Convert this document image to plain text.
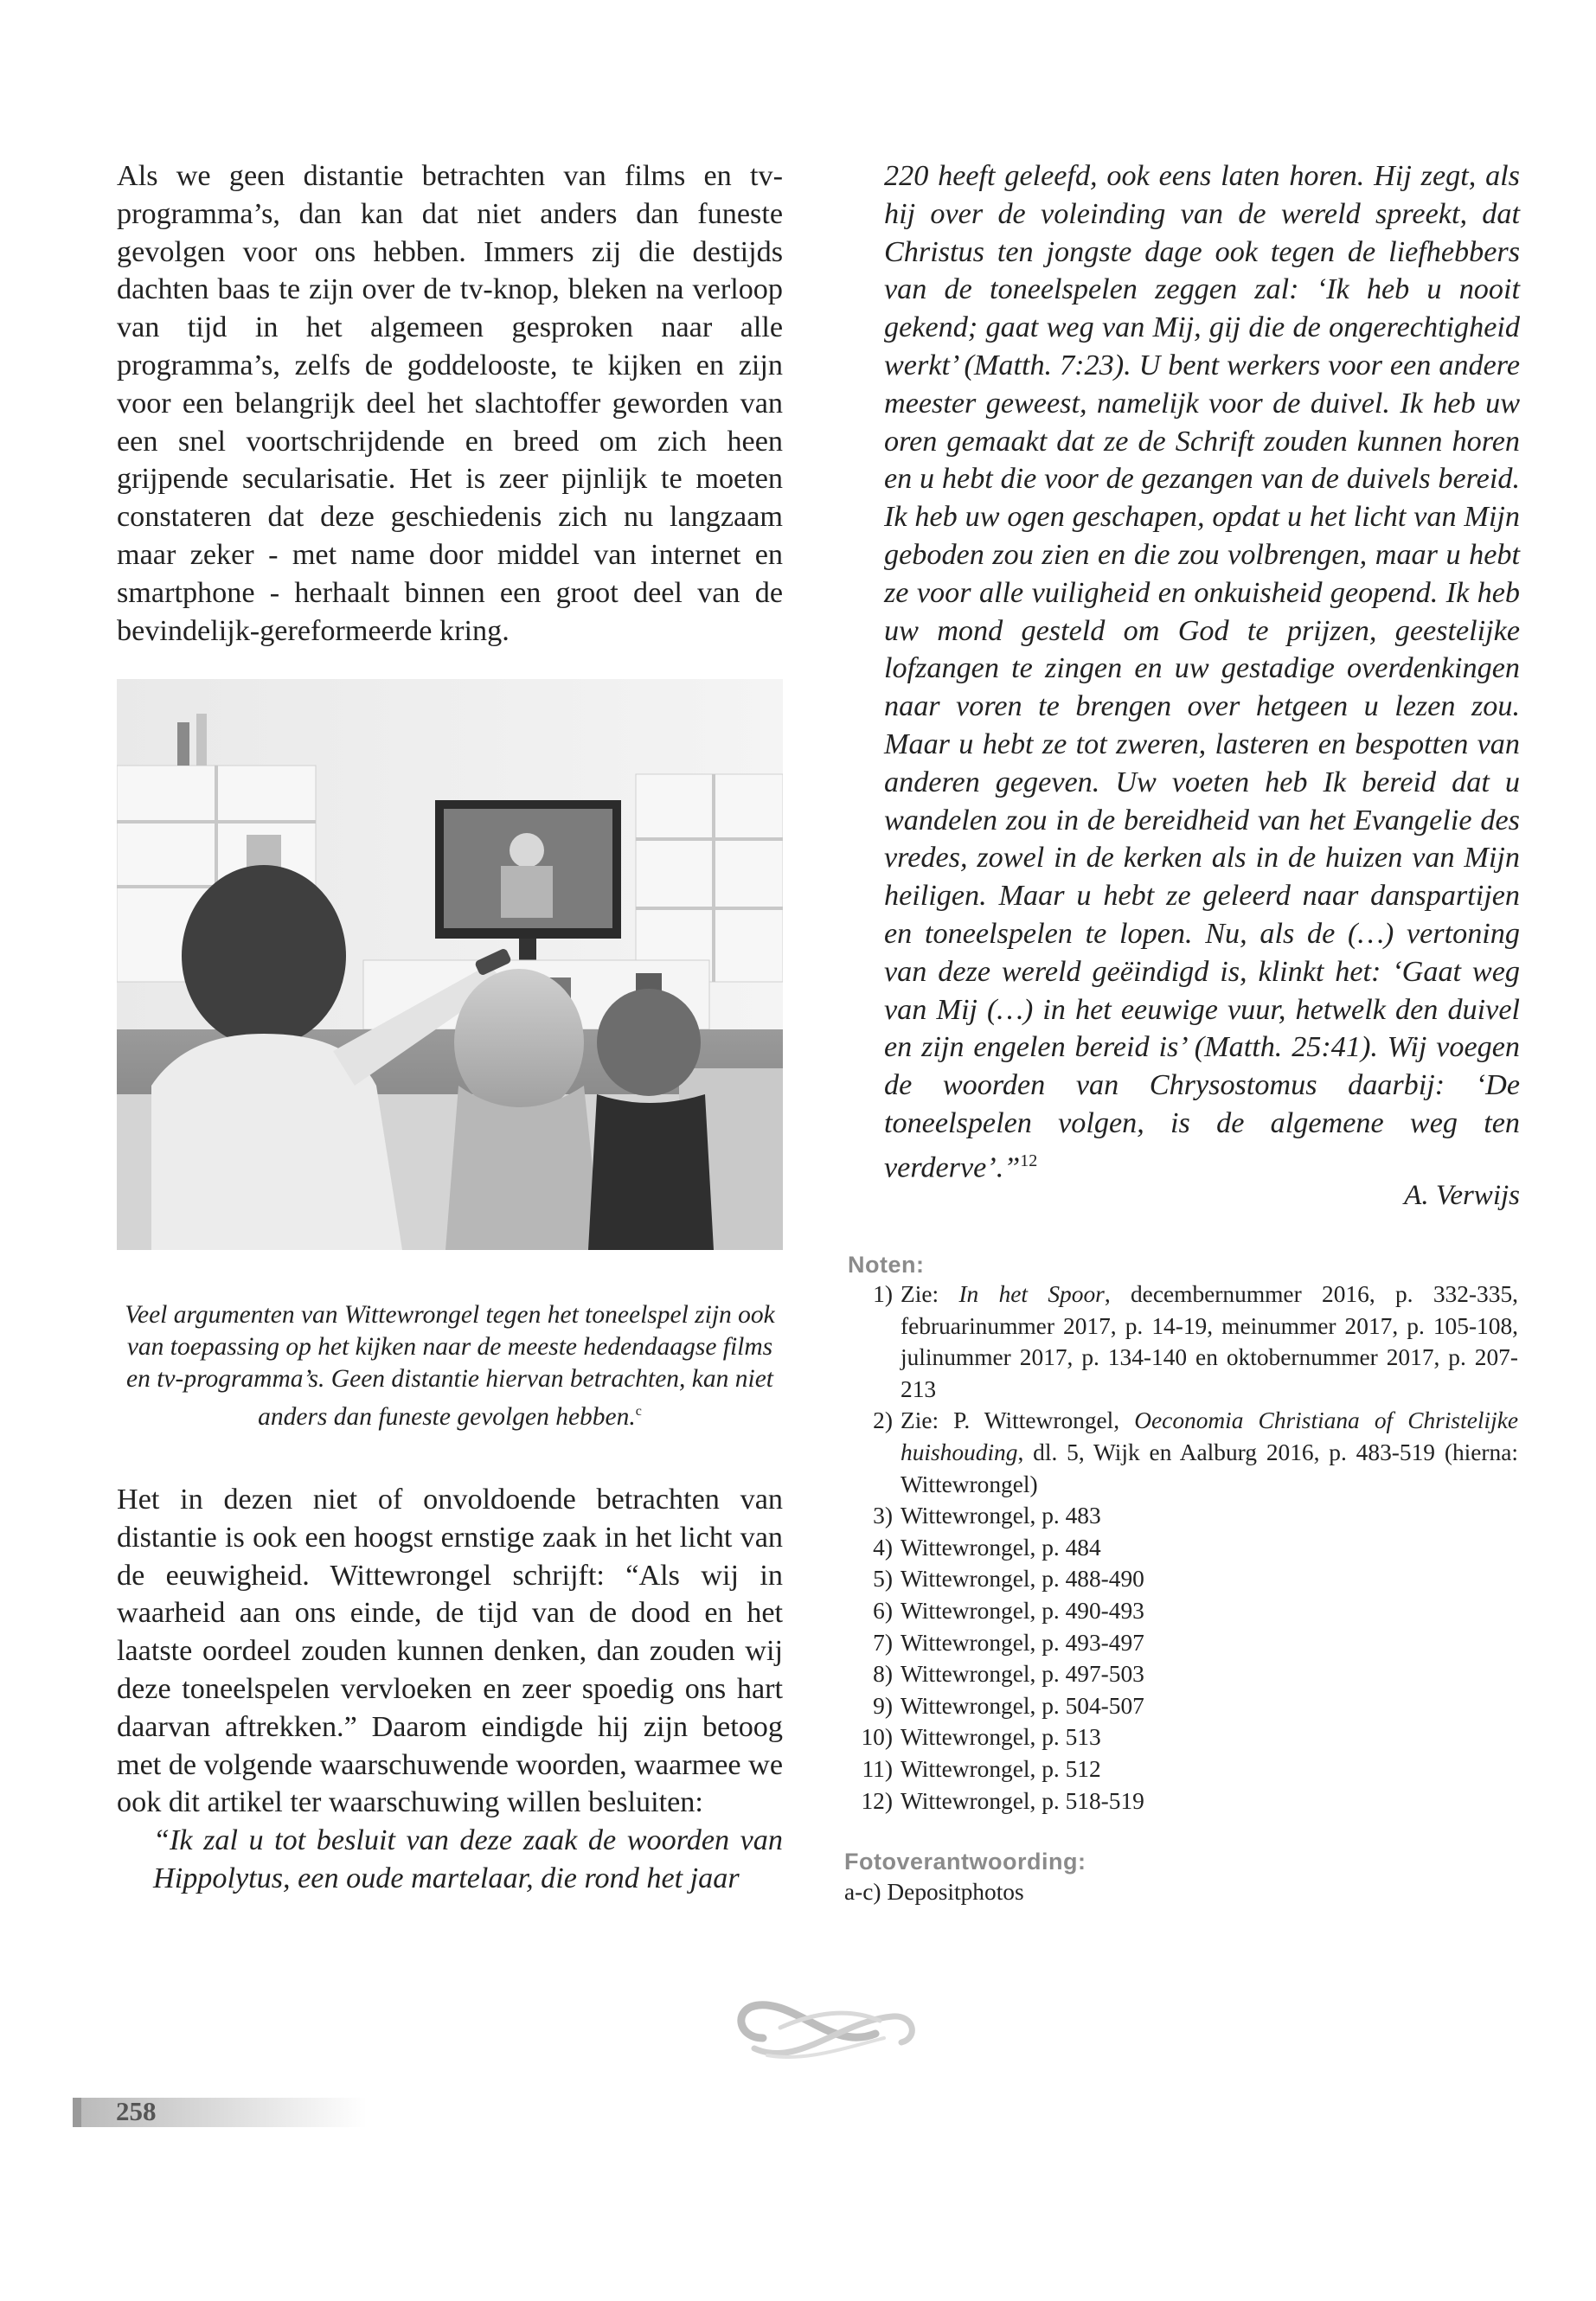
Als we geen distantie betrachten van films en tv-programma’s, dan kan dat niet anders dan funeste gevolgen voor ons hebben. Immers zij die destijds dachten baas te zijn over de tv-knop, bleken na verloop van tijd in het algemeen gesproken naar alle programma’s, zelfs de goddelooste, te kijken en zijn voor een belangrijk deel het slachtoffer geworden van een snel voortschrijdende en breed om zich heen grijpende secularisatie. Het is zeer pijnlijk te moeten constateren dat deze geschiedenis zich nu langzaam maar zeker - met name door middel van internet en smartphone - herhaalt binnen een groot deel van de bevindelijk-gereformeerde kring.

Veel argumenten van Wittewrongel tegen het toneelspel zijn ook van toepassing op het kijken naar de meeste hedendaagse films en tv-programma’s. Geen distantie hiervan betrachten, kan niet anders dan funeste gevolgen hebben.$^c$

Het in dezen niet of onvoldoende betrachten van distantie is ook een hoogst ernstige zaak in het licht van de eeuwigheid. Wittewrongel schrijft: “Als wij in waarheid aan ons einde, de tijd van de dood en het laatste oordeel zouden kunnen denken, dan zouden wij deze toneelspelen vervloeken en zeer spoedig ons hart daarvan aftrekken.” Daarom eindigde hij zijn betoog met de volgende waarschuwende woorden, waarmee we ook dit artikel ter waarschuwing willen besluiten:

“Ik zal u tot besluit van deze zaak de woorden van Hippolytus, een oude martelaar, die rond het jaar

220 heeft geleefd, ook eens laten horen. Hij zegt, als hij over de voleinding van de wereld spreekt, dat Christus ten jongste dage ook tegen de liefhebbers van de toneelspelen zeggen zal: ‘Ik heb u nooit gekend; gaat weg van Mij, gij die de ongerechtigheid werkt’ (Matth. 7:23). U bent werkers voor een andere meester geweest, namelijk voor de duivel. Ik heb uw oren gemaakt dat ze de Schrift zouden kunnen horen en u hebt die voor de gezangen van de duivels bereid. Ik heb uw ogen geschapen, opdat u het licht van Mijn geboden zou zien en die zou volbrengen, maar u hebt ze voor alle vuiligheid en onkuisheid geopend. Ik heb uw mond gesteld om God te prijzen, geestelijke lofzangen te zingen en uw gestadige overdenkingen naar voren te brengen over hetgeen u lezen zou. Maar u hebt ze tot zweren, lasteren en bespotten van anderen gegeven. Uw voeten heb Ik bereid dat u wandelen zou in de bereidheid van het Evangelie des vredes, zowel in de kerken als in de huizen van Mijn heiligen. Maar u hebt ze geleerd naar danspartijen en toneelspelen te lopen. Nu, als de (…) vertoning van deze wereld geëindigd is, klinkt het: ‘Gaat weg van Mij (…) in het eeuwige vuur, hetwelk den duivel en zijn engelen bereid is’ (Matth. 25:41). Wij voegen de woorden van Chrysostomus daarbij: ‘De toneelspelen volgen, is de algemene weg ten verderve’.”$^{12}$

A. Verwijs
Noten:
1) Zie: In het Spoor, decembernummer 2016, p. 332-335, februarinummer 2017, p. 14-19, meinummer 2017, p. 105-108, julinummer 2017, p. 134-140 en oktobernummer 2017, p. 207-213
2) Zie: P. Wittewrongel, Oeconomia Christiana of Christelijke huishouding, dl. 5, Wijk en Aalburg 2016, p. 483-519 (hierna: Wittewrongel)
3) Wittewrongel, p. 483
4) Wittewrongel, p. 484
5) Wittewrongel, p. 488-490
6) Wittewrongel, p. 490-493
7) Wittewrongel, p. 493-497
8) Wittewrongel, p. 497-503
9) Wittewrongel, p. 504-507
10) Wittewrongel, p. 513
11) Wittewrongel, p. 512
12) Wittewrongel, p. 518-519
Fotoverantwoording:
a-c) Depositphotos
258
